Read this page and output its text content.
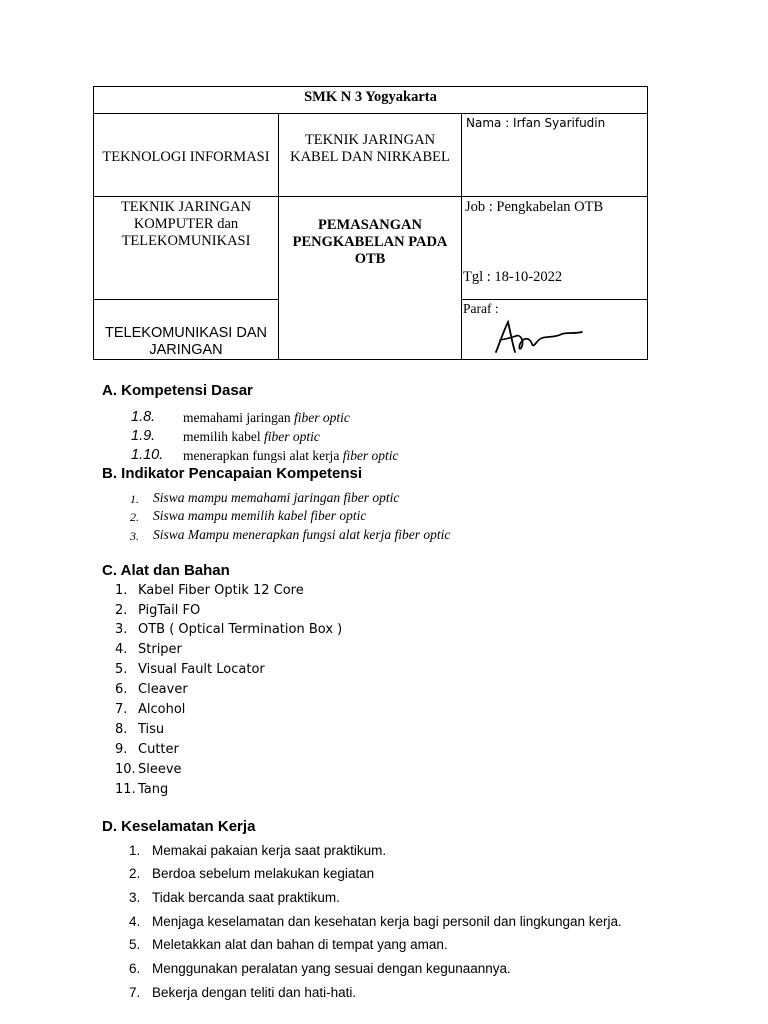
SMK N 3 Yogyakarta
TEKNOLOGI INFORMASI
TEKNIK JARINGAN KABEL DAN NIRKABEL
Nama : Irfan Syarifudin
TEKNIK JARINGAN KOMPUTER dan TELEKOMUNIKASI
PEMASANGAN PENGKABELAN PADA OTB
Job : Pengkabelan OTB
Tgl : 18-10-2022
TELEKOMUNIKASI DAN JARINGAN
Paraf :
A. Kompetensi Dasar
1.8. memahami jaringan fiber optic
1.9. memilih kabel fiber optic
1.10. menerapkan fungsi alat kerja fiber optic
B. Indikator Pencapaian Kompetensi
1. Siswa mampu memahami jaringan fiber optic
2. Siswa mampu memilih kabel fiber optic
3. Siswa Mampu menerapkan fungsi alat kerja fiber optic
C. Alat dan Bahan
1. Kabel Fiber Optik 12 Core
2. PigTail FO
3. OTB ( Optical Termination Box )
4. Striper
5. Visual Fault Locator
6. Cleaver
7. Alcohol
8. Tisu
9. Cutter
10. Sleeve
11. Tang
D. Keselamatan Kerja
1. Memakai pakaian kerja saat praktikum.
2. Berdoa sebelum melakukan kegiatan
3. Tidak bercanda saat praktikum.
4. Menjaga keselamatan dan kesehatan kerja bagi personil dan lingkungan kerja.
5. Meletakkan alat dan bahan di tempat yang aman.
6. Menggunakan peralatan yang sesuai dengan kegunaannya.
7. Bekerja dengan teliti dan hati-hati.
